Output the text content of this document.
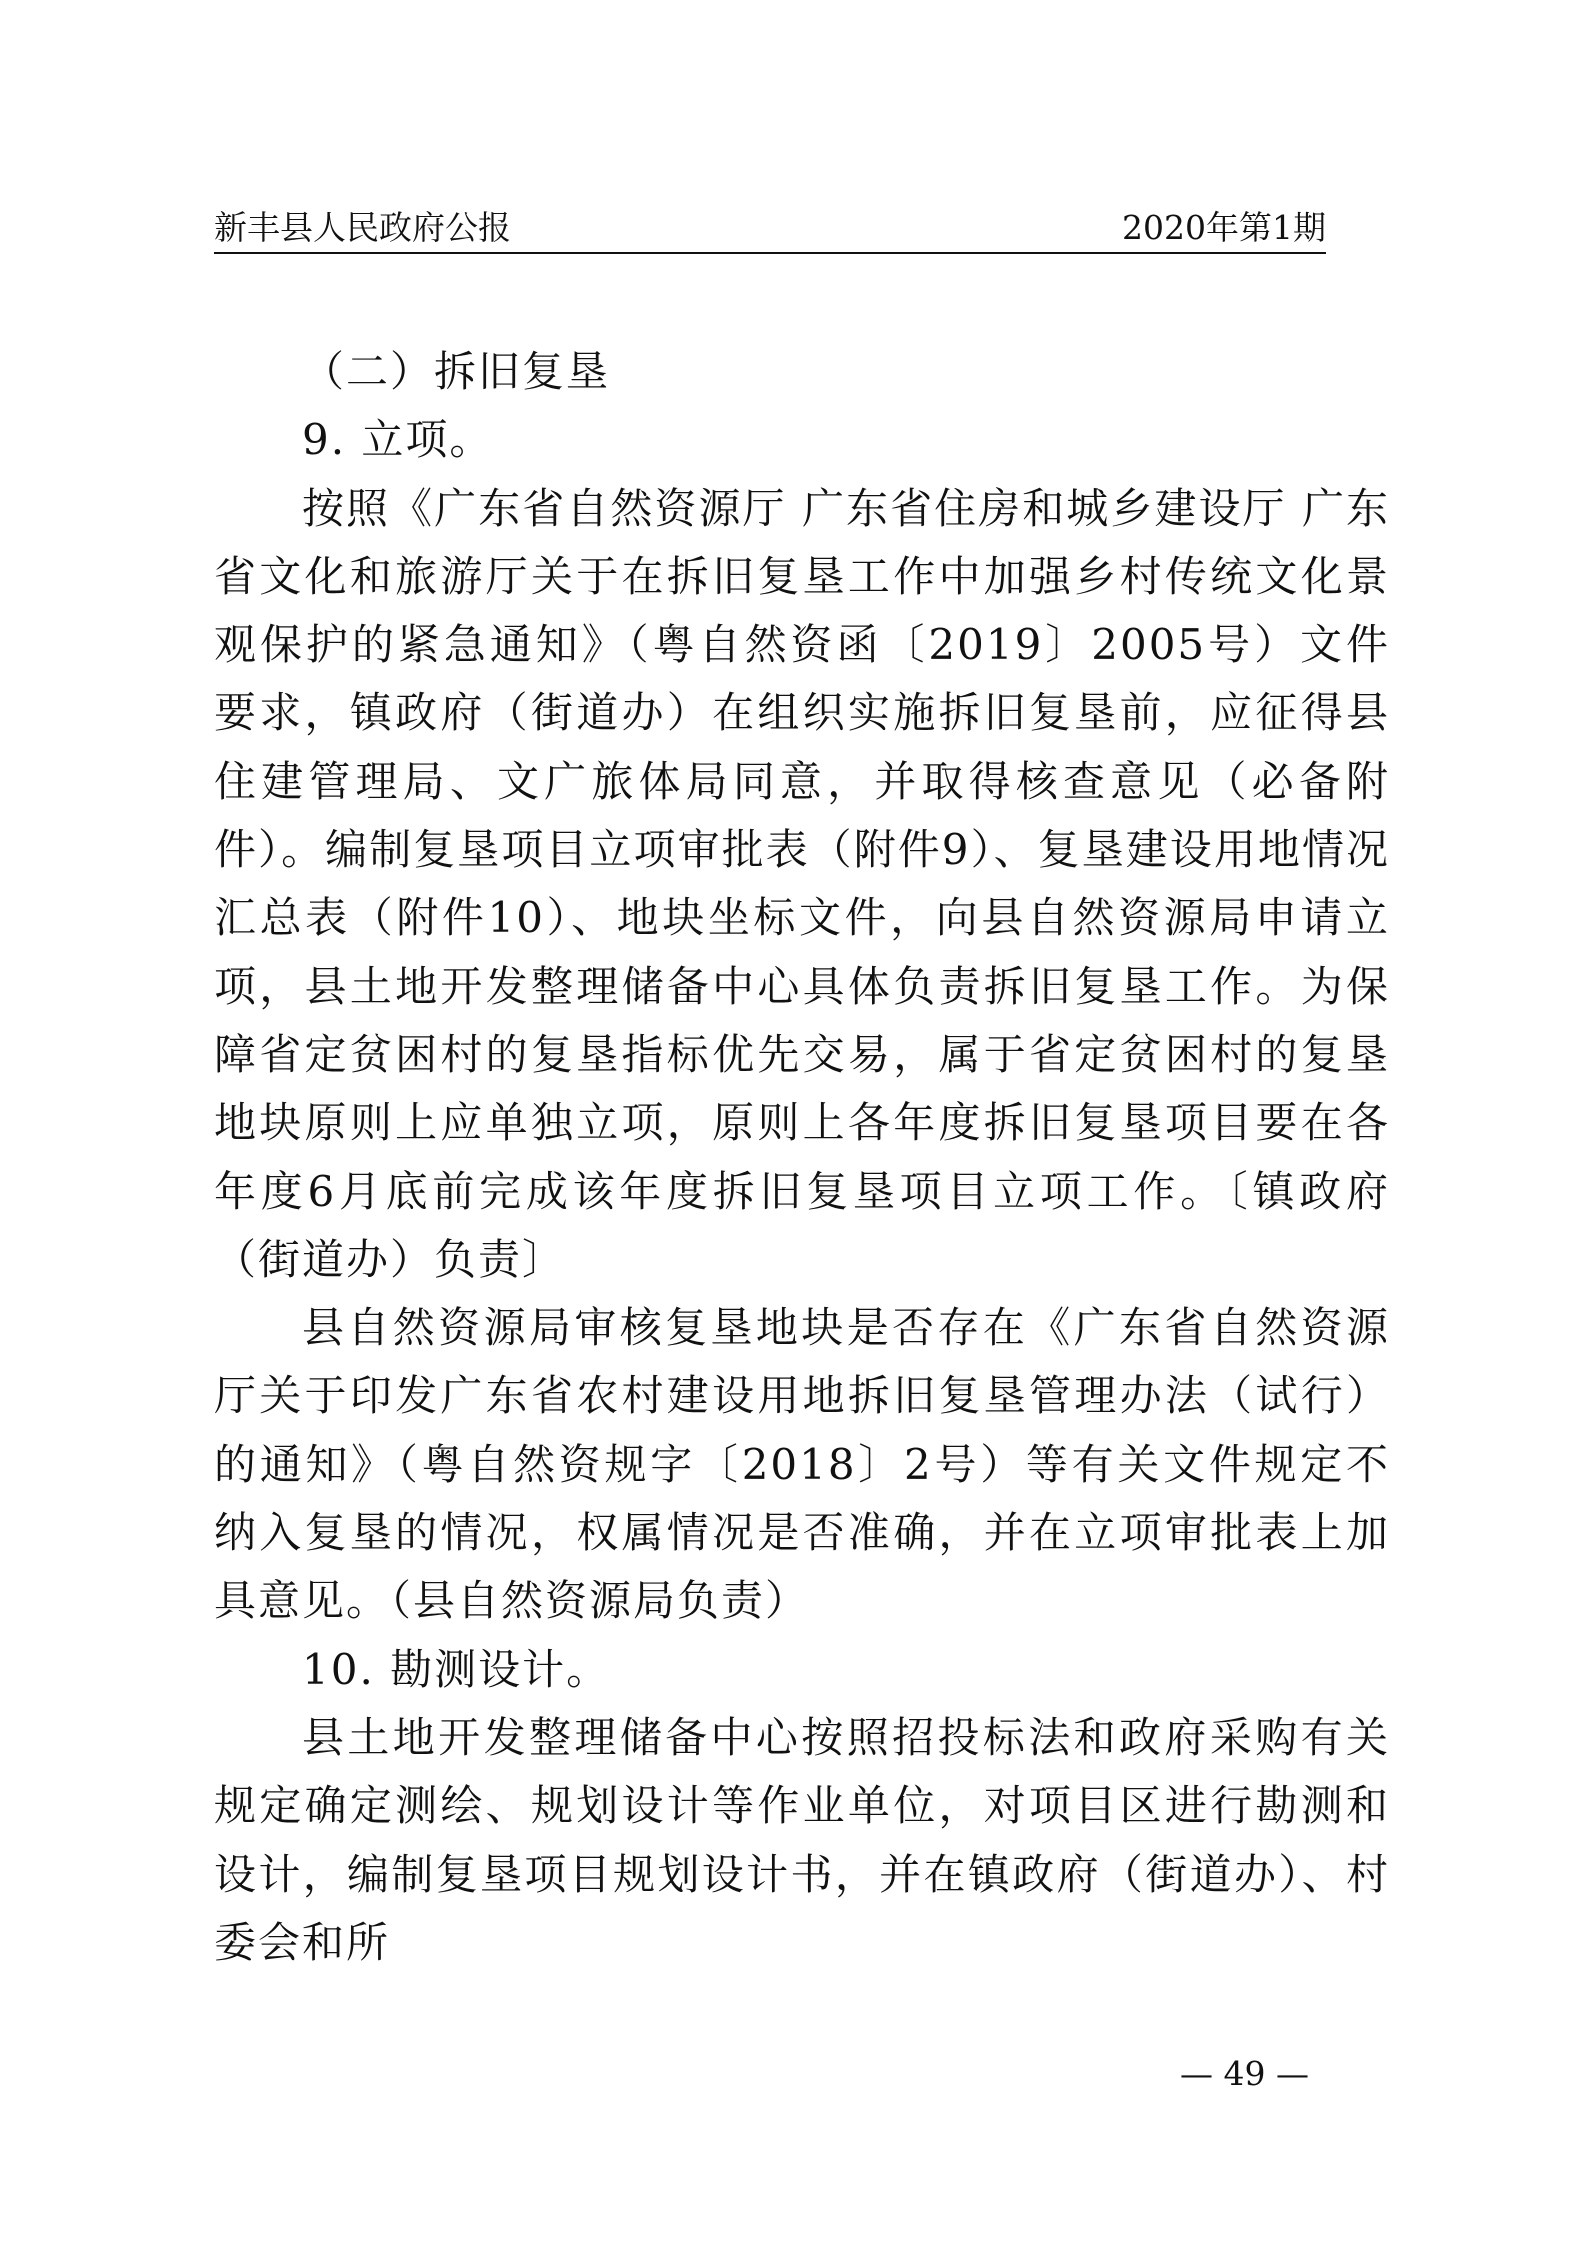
新丰县人民政府公报	2020年第1期

（二）拆旧复垦

9. 立项。

按照《广东省自然资源厅 广东省住房和城乡建设厅 广东省文化和旅游厅关于在拆旧复垦工作中加强乡村传统文化景观保护的紧急通知》（粤自然资函〔2019〕2005号）文件要求，镇政府（街道办）在组织实施拆旧复垦前，应征得县住建管理局、文广旅体局同意，并取得核查意见（必备附件）。编制复垦项目立项审批表（附件9）、复垦建设用地情况汇总表（附件10）、地块坐标文件，向县自然资源局申请立项，县土地开发整理储备中心具体负责拆旧复垦工作。为保障省定贫困村的复垦指标优先交易，属于省定贫困村的复垦地块原则上应单独立项，原则上各年度拆旧复垦项目要在各年度6月底前完成该年度拆旧复垦项目立项工作。〔镇政府（街道办）负责〕

县自然资源局审核复垦地块是否存在《广东省自然资源厅关于印发广东省农村建设用地拆旧复垦管理办法（试行）的通知》（粤自然资规字〔2018〕2号）等有关文件规定不纳入复垦的情况，权属情况是否准确，并在立项审批表上加具意见。（县自然资源局负责）

10. 勘测设计。

县土地开发整理储备中心按照招投标法和政府采购有关规定确定测绘、规划设计等作业单位，对项目区进行勘测和设计，编制复垦项目规划设计书，并在镇政府（街道办）、村委会和所

— 49 —
